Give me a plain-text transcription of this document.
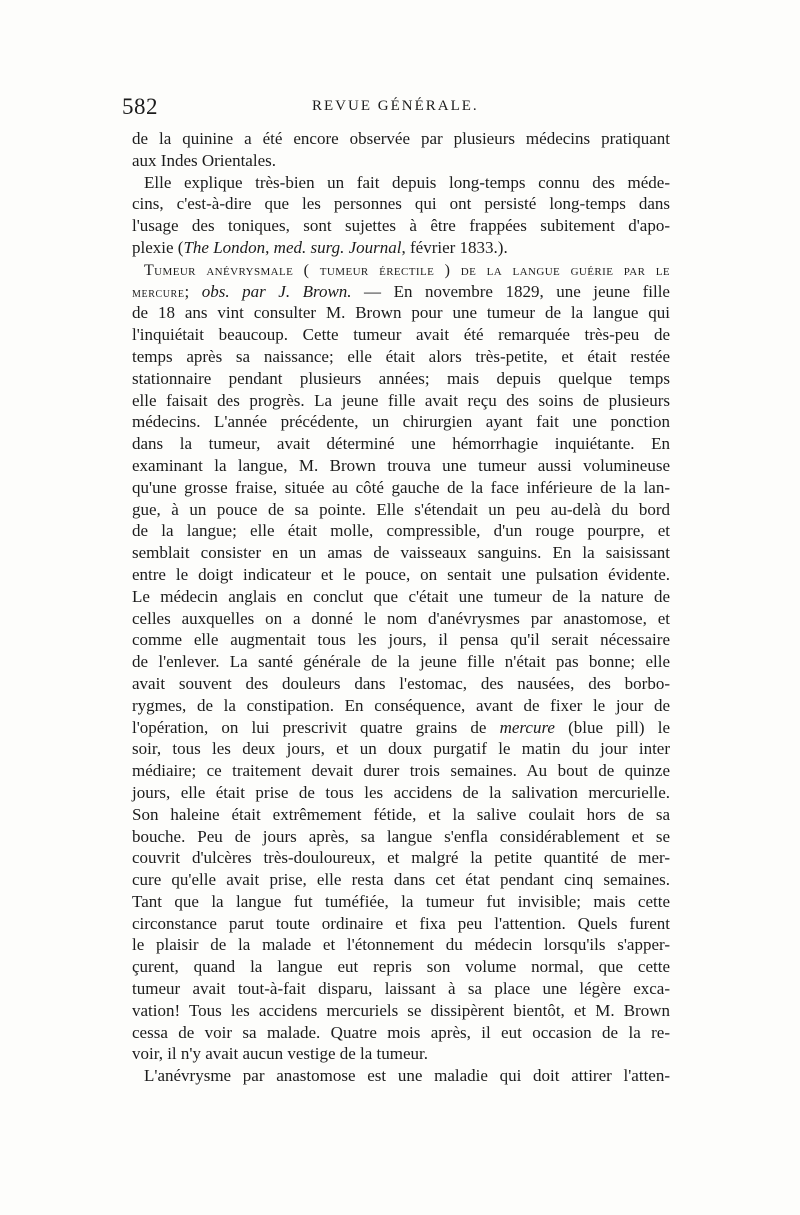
582	REVUE GÉNÉRALE.
de la quinine a été encore observée par plusieurs médecins pratiquant
aux Indes Orientales.
Elle explique très-bien un fait depuis long-temps connu des méde-
cins, c'est-à-dire que les personnes qui ont persisté long-temps dans
l'usage des toniques, sont sujettes à être frappées subitement d'apo-
plexie (The London, med. surg. Journal, février 1833.).
Tumeur anévrysmale ( tumeur érectile ) de la langue guérie par le
mercure; obs. par J. Brown. — En novembre 1829, une jeune fille
de 18 ans vint consulter M. Brown pour une tumeur de la langue qui
l'inquiétait beaucoup. Cette tumeur avait été remarquée très-peu de
temps après sa naissance; elle était alors très-petite, et était restée
stationnaire pendant plusieurs années; mais depuis quelque temps
elle faisait des progrès. La jeune fille avait reçu des soins de plusieurs
médecins. L'année précédente, un chirurgien ayant fait une ponction
dans la tumeur, avait déterminé une hémorrhagie inquiétante. En
examinant la langue, M. Brown trouva une tumeur aussi volumineuse
qu'une grosse fraise, située au côté gauche de la face inférieure de la lan-
gue, à un pouce de sa pointe. Elle s'étendait un peu au-delà du bord
de la langue; elle était molle, compressible, d'un rouge pourpre, et
semblait consister en un amas de vaisseaux sanguins. En la saisissant
entre le doigt indicateur et le pouce, on sentait une pulsation évidente.
Le médecin anglais en conclut que c'était une tumeur de la nature de
celles auxquelles on a donné le nom d'anévrysmes par anastomose, et
comme elle augmentait tous les jours, il pensa qu'il serait nécessaire
de l'enlever. La santé générale de la jeune fille n'était pas bonne; elle
avait souvent des douleurs dans l'estomac, des nausées, des borbo-
rygmes, de la constipation. En conséquence, avant de fixer le jour de
l'opération, on lui prescrivit quatre grains de mercure (blue pill) le
soir, tous les deux jours, et un doux purgatif le matin du jour inter
médiaire; ce traitement devait durer trois semaines. Au bout de quinze
jours, elle était prise de tous les accidens de la salivation mercurielle.
Son haleine était extrêmement fétide, et la salive coulait hors de sa
bouche. Peu de jours après, sa langue s'enfla considérablement et se
couvrit d'ulcères très-douloureux, et malgré la petite quantité de mer-
cure qu'elle avait prise, elle resta dans cet état pendant cinq semaines.
Tant que la langue fut tuméfiée, la tumeur fut invisible; mais cette
circonstance parut toute ordinaire et fixa peu l'attention. Quels furent
le plaisir de la malade et l'étonnement du médecin lorsqu'ils s'apper-
çurent, quand la langue eut repris son volume normal, que cette
tumeur avait tout-à-fait disparu, laissant à sa place une légère exca-
vation! Tous les accidens mercuriels se dissipèrent bientôt, et M. Brown
cessa de voir sa malade. Quatre mois après, il eut occasion de la re-
voir, il n'y avait aucun vestige de la tumeur.
L'anévrysme par anastomose est une maladie qui doit attirer l'atten-
